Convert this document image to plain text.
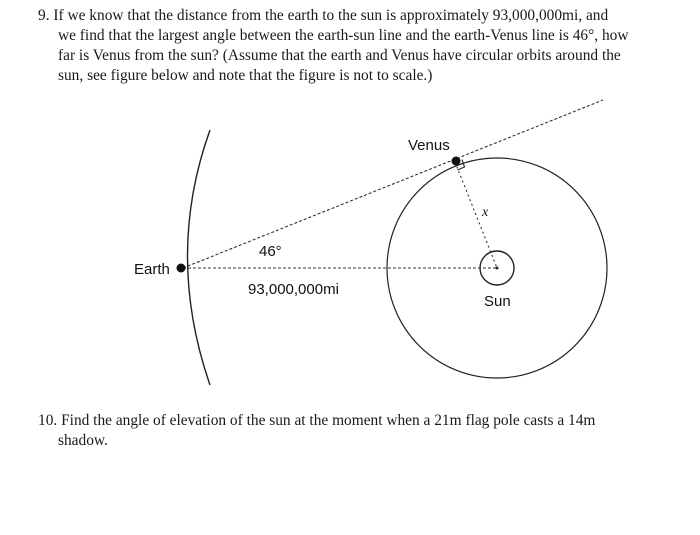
9. If we know that the distance from the earth to the sun is approximately 93,000,000mi, and
we find that the largest angle between the earth-sun line and the earth-Venus line is 46°, how
far is Venus from the sun? (Assume that the earth and Venus have circular orbits around the
sun, see figure below and note that the figure is not to scale.)
Venus
Earth
Sun
x
46°
93,000,000mi
10. Find the angle of elevation of the sun at the moment when a 21m flag pole casts a 14m
shadow.
